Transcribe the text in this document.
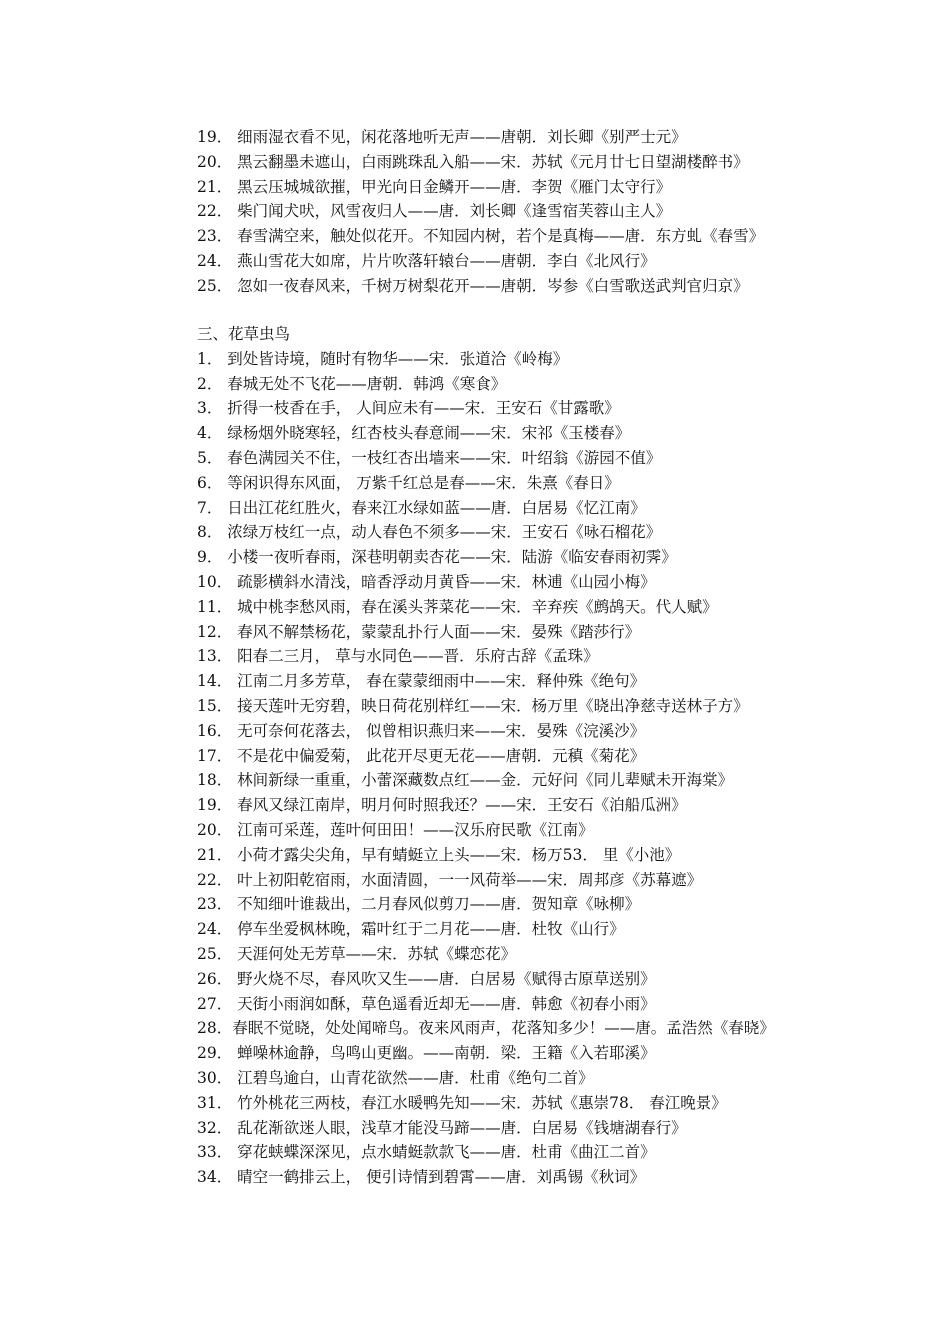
19． 细雨湿衣看不见，闲花落地听无声——唐朝．刘长卿《别严士元》
20． 黑云翻墨未遮山，白雨跳珠乱入船——宋．苏轼《元月廿七日望湖楼醉书》
21． 黑云压城城欲摧，甲光向日金鳞开——唐．李贺《雁门太守行》
22． 柴门闻犬吠，风雪夜归人——唐．刘长卿《逢雪宿芙蓉山主人》
23． 春雪满空来，触处似花开。不知园内树，若个是真梅——唐．东方虬《春雪》
24． 燕山雪花大如席，片片吹落轩辕台——唐朝．李白《北风行》
25． 忽如一夜春风来，千树万树梨花开——唐朝．岑参《白雪歌送武判官归京》
三、花草虫鸟
1． 到处皆诗境，随时有物华——宋．张道洽《岭梅》
2． 春城无处不飞花——唐朝．韩鸿《寒食》
3． 折得一枝香在手， 人间应未有——宋．王安石《甘露歌》
4． 绿杨烟外晓寒轻，红杏枝头春意闹——宋．宋祁《玉楼春》
5． 春色满园关不住，一枝红杏出墙来——宋．叶绍翁《游园不值》
6． 等闲识得东风面， 万紫千红总是春——宋．朱熹《春日》
7． 日出江花红胜火，春来江水绿如蓝——唐．白居易《忆江南》
8． 浓绿万枝红一点，动人春色不须多——宋．王安石《咏石榴花》
9． 小楼一夜听春雨，深巷明朝卖杏花——宋．陆游《临安春雨初霁》
10． 疏影横斜水清浅，暗香浮动月黄昏——宋．林逋《山园小梅》
11． 城中桃李愁风雨，春在溪头荠菜花——宋．辛弃疾《鹧鸪天。代人赋》
12． 春风不解禁杨花，蒙蒙乱扑行人面——宋．晏殊《踏莎行》
13． 阳春二三月， 草与水同色——晋．乐府古辞《孟珠》
14． 江南二月多芳草， 春在蒙蒙细雨中——宋．释仲殊《绝句》
15． 接天莲叶无穷碧，映日荷花别样红——宋．杨万里《晓出净慈寺送林子方》
16． 无可奈何花落去， 似曾相识燕归来——宋．晏殊《浣溪沙》
17． 不是花中偏爱菊， 此花开尽更无花——唐朝．元稹《菊花》
18． 林间新绿一重重，小蕾深藏数点红——金．元好问《同儿辈赋未开海棠》
19． 春风又绿江南岸，明月何时照我还？——宋．王安石《泊船瓜洲》
20． 江南可采莲，莲叶何田田！——汉乐府民歌《江南》
21． 小荷才露尖尖角，早有蜻蜓立上头——宋．杨万53． 里《小池》
22． 叶上初阳乾宿雨，水面清圆，一一风荷举——宋．周邦彦《苏幕遮》
23． 不知细叶谁裁出，二月春风似剪刀——唐．贺知章《咏柳》
24． 停车坐爱枫林晚，霜叶红于二月花——唐．杜牧《山行》
25． 天涯何处无芳草——宋．苏轼《蝶恋花》
26． 野火烧不尽，春风吹又生——唐．白居易《赋得古原草送别》
27． 天街小雨润如酥，草色遥看近却无——唐．韩愈《初春小雨》
28．春眠不觉晓，处处闻啼鸟。夜来风雨声，花落知多少！——唐。孟浩然《春晓》
29． 蝉噪林逾静，鸟鸣山更幽。——南朝．梁．王籍《入若耶溪》
30． 江碧鸟逾白，山青花欲然——唐．杜甫《绝句二首》
31． 竹外桃花三两枝，春江水暖鸭先知——宋．苏轼《惠崇78． 春江晚景》
32． 乱花渐欲迷人眼，浅草才能没马蹄——唐．白居易《钱塘湖春行》
33． 穿花蛱蝶深深见，点水蜻蜓款款飞——唐．杜甫《曲江二首》
34． 晴空一鹤排云上， 便引诗情到碧霄——唐．刘禹锡《秋词》
